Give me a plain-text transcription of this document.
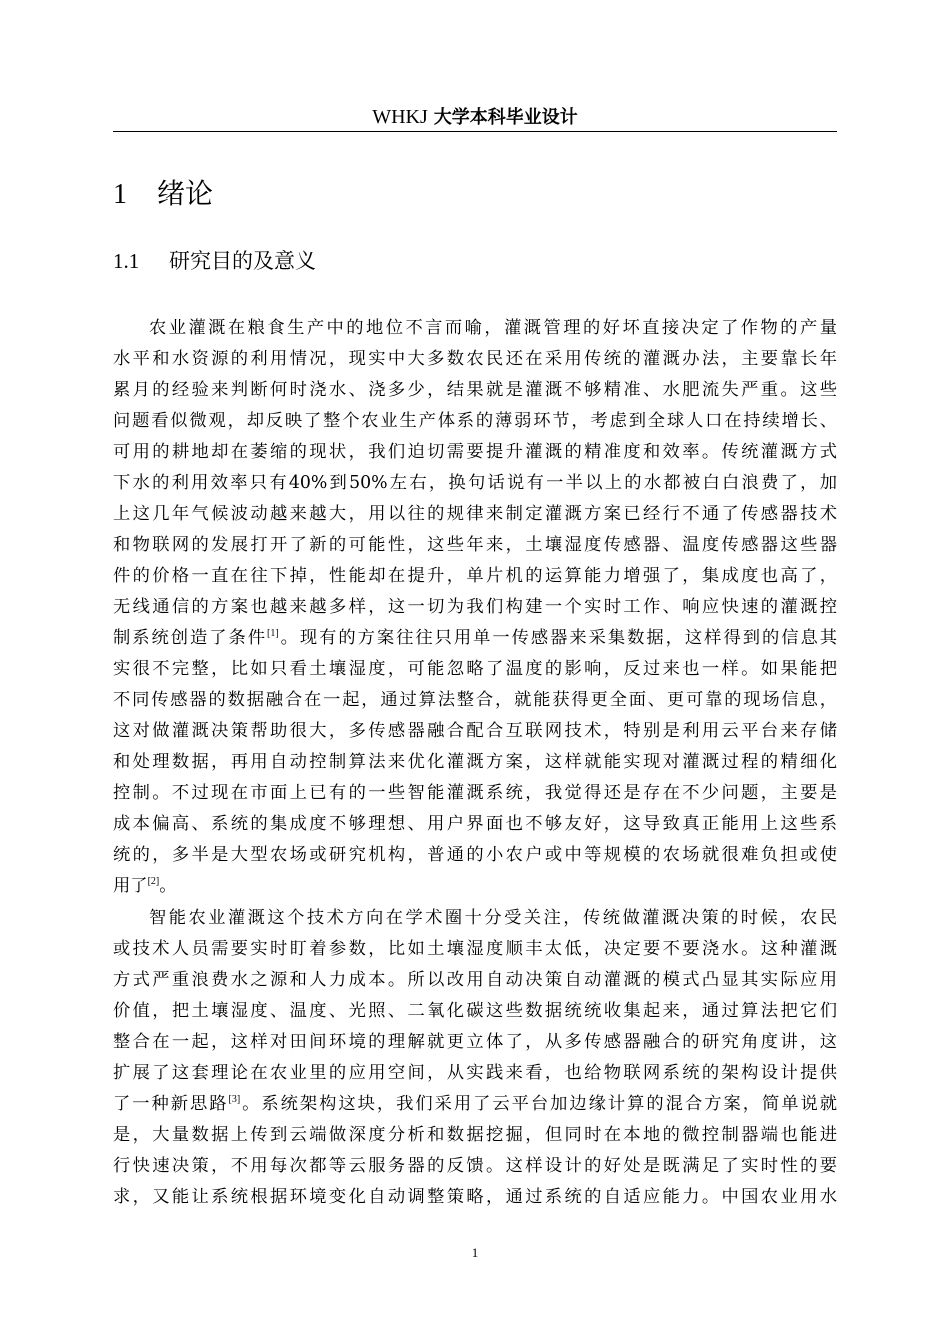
WHKJ 大学本科毕业设计
1 绪论
1.1 研究目的及意义
农业灌溉在粮食生产中的地位不言而喻，灌溉管理的好坏直接决定了作物的产量
水平和水资源的利用情况，现实中大多数农民还在采用传统的灌溉办法，主要靠长年
累月的经验来判断何时浇水、浇多少，结果就是灌溉不够精准、水肥流失严重。这些
问题看似微观，却反映了整个农业生产体系的薄弱环节，考虑到全球人口在持续增长、
可用的耕地却在萎缩的现状，我们迫切需要提升灌溉的精准度和效率。传统灌溉方式
下水的利用效率只有40%到50%左右，换句话说有一半以上的水都被白白浪费了，加
上这几年气候波动越来越大，用以往的规律来制定灌溉方案已经行不通了传感器技术
和物联网的发展打开了新的可能性，这些年来，土壤湿度传感器、温度传感器这些器
件的价格一直在往下掉，性能却在提升，单片机的运算能力增强了，集成度也高了，
无线通信的方案也越来越多样，这一切为我们构建一个实时工作、响应快速的灌溉控
制系统创造了条件[1]。现有的方案往往只用单一传感器来采集数据，这样得到的信息其
实很不完整，比如只看土壤湿度，可能忽略了温度的影响，反过来也一样。如果能把
不同传感器的数据融合在一起，通过算法整合，就能获得更全面、更可靠的现场信息，
这对做灌溉决策帮助很大，多传感器融合配合互联网技术，特别是利用云平台来存储
和处理数据，再用自动控制算法来优化灌溉方案，这样就能实现对灌溉过程的精细化
控制。不过现在市面上已有的一些智能灌溉系统，我觉得还是存在不少问题，主要是
成本偏高、系统的集成度不够理想、用户界面也不够友好，这导致真正能用上这些系
统的，多半是大型农场或研究机构，普通的小农户或中等规模的农场就很难负担或使
用了[2]。
智能农业灌溉这个技术方向在学术圈十分受关注，传统做灌溉决策的时候，农民
或技术人员需要实时盯着参数，比如土壤湿度顺丰太低，决定要不要浇水。这种灌溉
方式严重浪费水之源和人力成本。所以改用自动决策自动灌溉的模式凸显其实际应用
价值，把土壤湿度、温度、光照、二氧化碳这些数据统统收集起来，通过算法把它们
整合在一起，这样对田间环境的理解就更立体了，从多传感器融合的研究角度讲，这
扩展了这套理论在农业里的应用空间，从实践来看，也给物联网系统的架构设计提供
了一种新思路[3]。系统架构这块，我们采用了云平台加边缘计算的混合方案，简单说就
是，大量数据上传到云端做深度分析和数据挖掘，但同时在本地的微控制器端也能进
行快速决策，不用每次都等云服务器的反馈。这样设计的好处是既满足了实时性的要
求，又能让系统根据环境变化自动调整策略，通过系统的自适应能力。中国农业用水
1
